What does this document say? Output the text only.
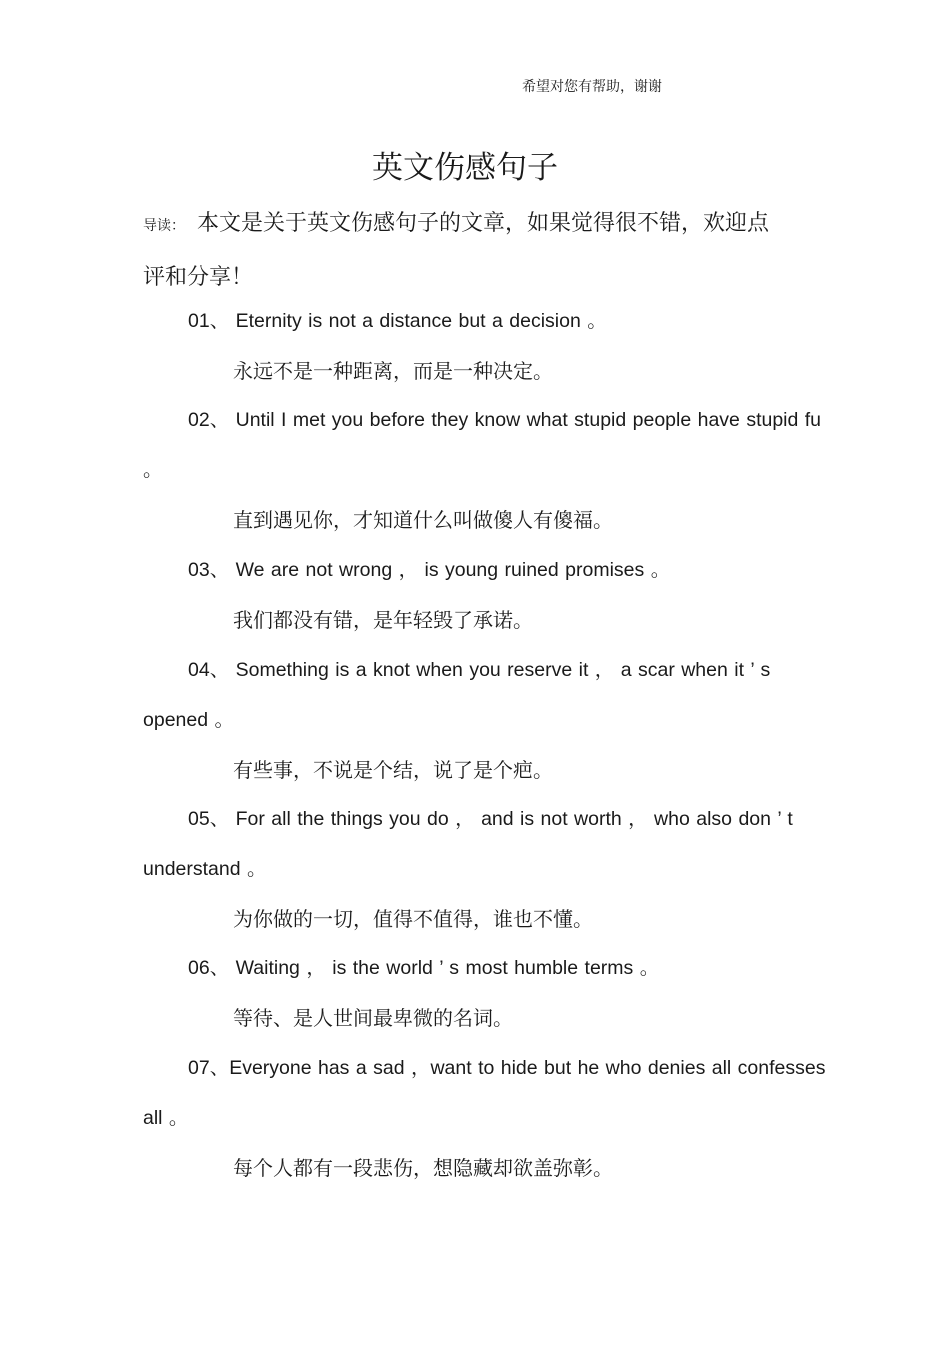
希望对您有帮助，谢谢
英文伤感句子
导读： 本文是关于英文伤感句子的文章，如果觉得很不错，欢迎点评和分享！

01、 Eternity is not a distance but a decision 。

永远不是一种距离，而是一种决定。

02、 Until I met you before they know what stupid people have stupid fu 。

直到遇见你，才知道什么叫做傻人有傻福。

03、 We are not wrong ， is young ruined promises 。

我们都没有错，是年轻毁了承诺。

04、 Something is a knot when you reserve it ， a scar when it ’ s opened 。

有些事，不说是个结，说了是个疤。

05、 For all the things you do ， and is not worth ， who also don ’ t understand 。

为你做的一切，值得不值得，谁也不懂。

06、 Waiting ， is the world ’ s most humble terms 。

等待、是人世间最卑微的名词。

07、Everyone has a sad ，want to hide but he who denies all confesses all 。

每个人都有一段悲伤，想隐藏却欲盖弥彰。
